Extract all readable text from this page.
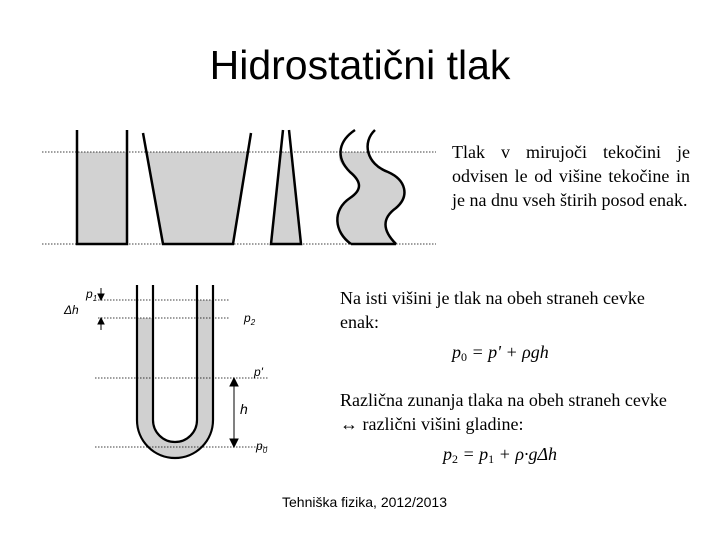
Hidrostatični tlak
$p_1$
Δh
$p_2$
p'
h
$p_0$
Tlak v mirujoči tekočini je odvisen le od višine tekočine in je na dnu vseh štirih posod enak.
Na isti višini je tlak na obeh straneh cevke enak:
$p_0 = p' + \rho gh$
Različna zunanja tlaka na obeh straneh cevke ↔ različni višini gladine:
$p_2 = p_1 + \rho\cdot g\Delta h$
Tehniška fizika, 2012/2013
